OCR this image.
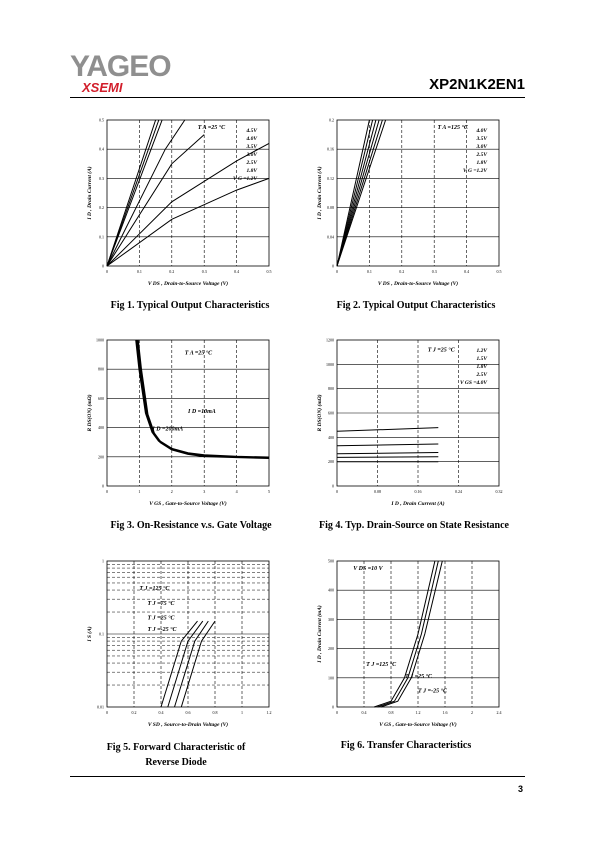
YAGEO
XSEMI	XP2N1K2EN1
0	0.1	0.2	0.3	0.4	0.5
0
0.1
0.2
0.3
0.4
0.5
4.5V
4.0V
3.5V
3.0V
2.5V
1.8V
V G =1.2V
T A =25 °C
V DS , Drain-to-Source Voltage (V)
I D , Drain Current (A)
Fig 1. Typical Output Characteristics
0	0.1	0.2	0.3	0.4	0.5
0
0.04
0.08
0.12
0.16
0.2
4.0V
3.5V
3.0V
2.5V
1.8V
V G =1.2V
T A =125 °C
V DS , Drain-to-Source Voltage (V)
I D , Drain Current (A)
Fig 2. Typical Output Characteristics
0	1	2	3	4	5
0
200
400
600
800
1000
T A =25 °C
I D =200mA
I D =10mA
V GS , Gate-to-Source Voltage (V)
R DS(ON) (mΩ)
Fig 3. On-Resistance v.s. Gate Voltage
0	0.08	0.16	0.24	0.32
0
200
400
600
800
1000
1200
1.2V
1.5V
1.8V
2.5V
V GS =4.0V
T J =25 °C
I D , Drain Current (A)
R DS(ON) (mΩ)
Fig 4. Typ. Drain-Source on State Resistance
0	0.2	0.4	0.6	0.8	1	1.2
0.01
0.1
1
T J =125 °C
T J =75 °C
T J =25 °C
T J =-25 °C
V SD , Source-to-Drain Voltage (V)
I S (A)
Fig 5. Forward Characteristic of Reverse Diode
0	0.4	0.8	1.2	1.6	2	2.4
0
100
200
300
400
500
V DS =10 V
T J =125 °C
T J =25 °C
T J =-25 °C
V GS , Gate-to-Source Voltage (V)
I D , Drain Current (mA)
Fig 6. Transfer Characteristics
3
